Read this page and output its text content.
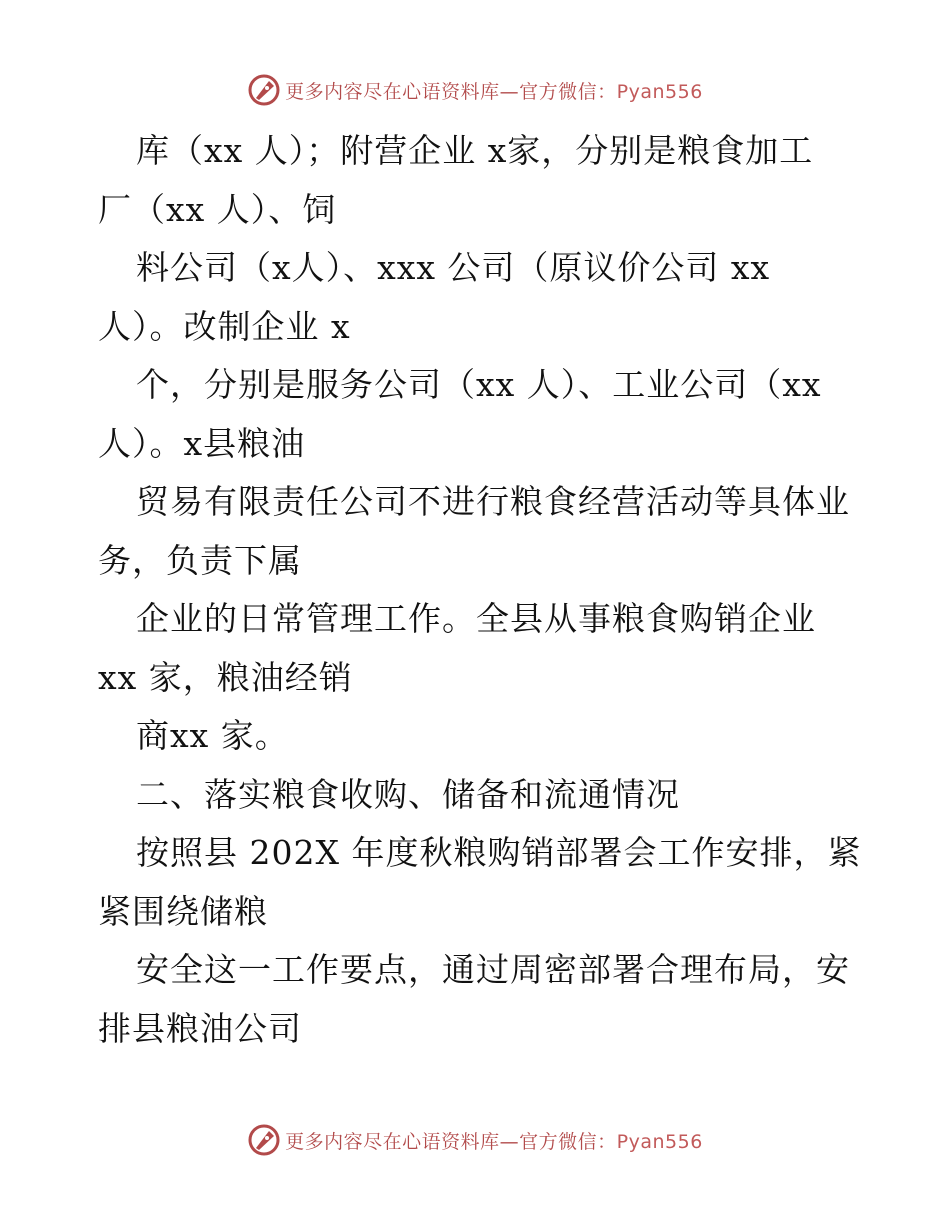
更多内容尽在心语资料库—官方微信：Pyan556
库（xx 人）；附营企业 x家，分别是粮食加工
厂（xx 人）、饲
料公司（x人）、xxx 公司（原议价公司 xx
人）。改制企业 x
个，分别是服务公司（xx 人）、工业公司（xx
人）。x县粮油
贸易有限责任公司不进行粮食经营活动等具体业
务，负责下属
企业的日常管理工作。全县从事粮食购销企业
xx 家，粮油经销
商xx 家。
二、落实粮食收购、储备和流通情况
按照县 202X 年度秋粮购销部署会工作安排，紧
紧围绕储粮
安全这一工作要点，通过周密部署合理布局，安
排县粮油公司
更多内容尽在心语资料库—官方微信：Pyan556
